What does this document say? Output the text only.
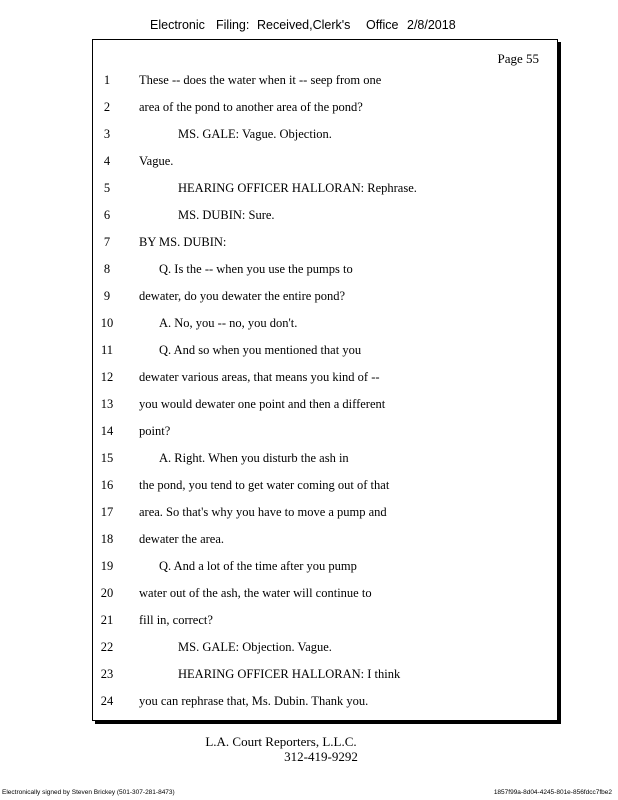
Electronic Filing: Received,Clerk's Office 2/8/2018
Page 55
1	These -- does the water when it -- seep from one
2	area of the pond to another area of the pond?
3	MS. GALE: Vague. Objection.
4	Vague.
5	HEARING OFFICER HALLORAN: Rephrase.
6	MS. DUBIN: Sure.
7	BY MS. DUBIN:
8	Q. Is the -- when you use the pumps to
9	dewater, do you dewater the entire pond?
10	A. No, you -- no, you don't.
11	Q. And so when you mentioned that you
12	dewater various areas, that means you kind of --
13	you would dewater one point and then a different
14	point?
15	A. Right. When you disturb the ash in
16	the pond, you tend to get water coming out of that
17	area. So that's why you have to move a pump and
18	dewater the area.
19	Q. And a lot of the time after you pump
20	water out of the ash, the water will continue to
21	fill in, correct?
22	MS. GALE: Objection. Vague.
23	HEARING OFFICER HALLORAN: I think
24	you can rephrase that, Ms. Dubin. Thank you.
L.A. Court Reporters, L.L.C.
312-419-9292
Electronically signed by Steven Brickey (501-307-281-8473)	1857f99a-8d04-4245-801e-856fdcc7fbe2
